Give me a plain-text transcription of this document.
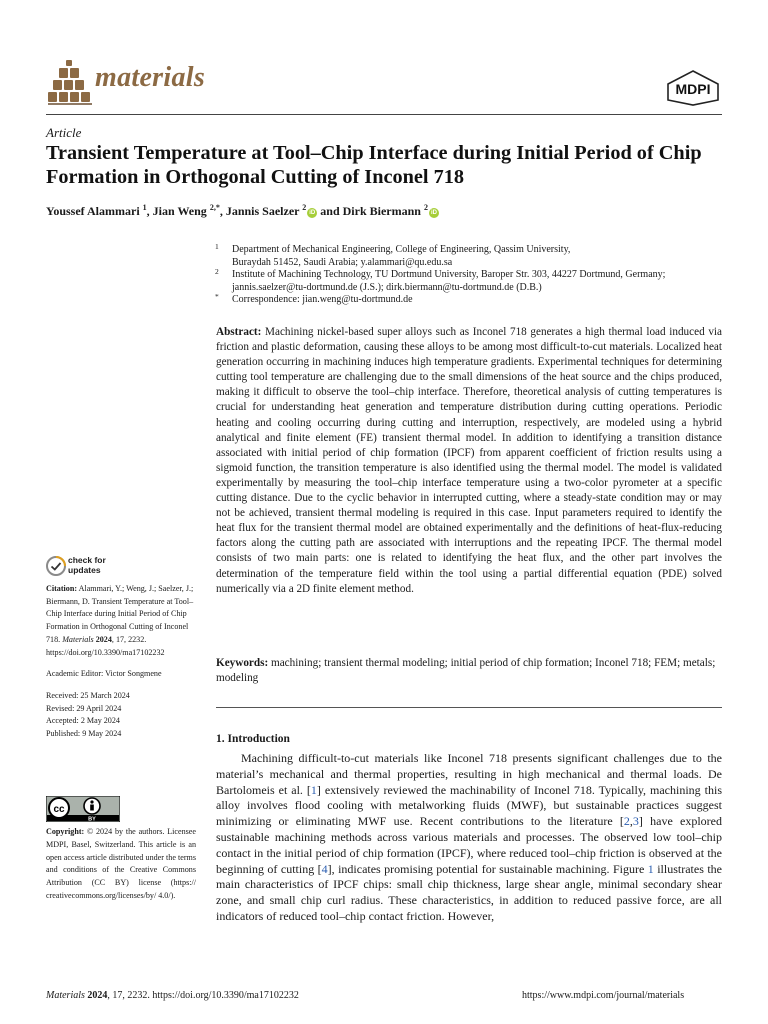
materials	MDPI
Article
Transient Temperature at Tool–Chip Interface during Initial Period of Chip Formation in Orthogonal Cutting of Inconel 718
Youssef Alammari $^1$, Jian Weng $^{2,*}$, Jannis Saelzer $^2$iD and Dirk Biermann $^2$iD
1 Department of Mechanical Engineering, College of Engineering, Qassim University,
Buraydah 51452, Saudi Arabia; y.alammari@qu.edu.sa
2 Institute of Machining Technology, TU Dortmund University, Baroper Str. 303, 44227 Dortmund, Germany;
jannis.saelzer@tu-dortmund.de (J.S.); dirk.biermann@tu-dortmund.de (D.B.)
* Correspondence: jian.weng@tu-dortmund.de
Abstract: Machining nickel-based super alloys such as Inconel 718 generates a high thermal load induced via friction and plastic deformation, causing these alloys to be among most difficult-to-cut materials. Localized heat generation occurring in machining induces high temperature gradients. Experimental techniques for determining cutting tool temperature are challenging due to the small dimensions of the heat source and the chips produced, making it difficult to observe the tool–chip interface. Therefore, theoretical analysis of cutting temperatures is crucial for understanding heat generation and temperature distribution during cutting operations. Periodic heating and cooling occurring during cutting and interruption, respectively, are modeled using a hybrid analytical and finite element (FE) transient thermal model. In addition to identifying a transition distance associated with initial period of chip formation (IPCF) from apparent coefficient of friction results using a sigmoid function, the transition temperature is also identified using the thermal model. The model is validated experimentally by measuring the tool–chip interface temperature using a two-color pyrometer at a specific cutting distance. Due to the cyclic behavior in interrupted cutting, where a steady-state condition may or may not be achieved, transient thermal modeling is required in this case. Input parameters required to identify the heat flux for the transient thermal model are obtained experimentally and the definitions of heat-flux-reducing factors along the cutting path are associated with interruptions and the repeating IPCF. The thermal model consists of two main parts: one is related to identifying the heat flux, and the other part involves the determination of the temperature field within the tool using a partial differential equation (PDE) solved numerically via a 2D finite element method.
Keywords: machining; transient thermal modeling; initial period of chip formation; Inconel 718; FEM; metals; modeling
1. Introduction
Machining difficult-to-cut materials like Inconel 718 presents significant challenges due to the material’s mechanical and thermal properties, resulting in high mechanical and thermal loads. De Bartolomeis et al. [1] extensively reviewed the machinability of Inconel 718. Typically, machining this alloy involves flood cooling with metalworking fluids (MWF), but sustainable practices suggest minimizing or eliminating MWF use. Recent contributions to the literature [2,3] have explored sustainable machining methods across various materials and processes. The observed low tool–chip contact in the initial period of chip formation (IPCF), where reduced tool–chip friction is observed at the beginning of cutting [4], indicates promising potential for sustainable machining. Figure 1 illustrates the main characteristics of IPCF chips: small chip thickness, large shear angle, minimal secondary shear zone, and small chip curl radius. These characteristics, in addition to reduced passive force, are all indicators of reduced tool–chip contact friction. However,
check for
updates
Citation: Alammari, Y.; Weng, J.; Saelzer, J.; Biermann, D. Transient Temperature at Tool–Chip Interface during Initial Period of Chip Formation in Orthogonal Cutting of Inconel 718. Materials 2024, 17, 2232. https://doi.org/10.3390/ma17102232
Academic Editor: Victor Songmene
Received: 25 March 2024
Revised: 29 April 2024
Accepted: 2 May 2024
Published: 9 May 2024
cc
BY
Copyright: © 2024 by the authors. Licensee MDPI, Basel, Switzerland. This article is an open access article distributed under the terms and conditions of the Creative Commons Attribution (CC BY) license (https:// creativecommons.org/licenses/by/ 4.0/).
Materials 2024, 17, 2232. https://doi.org/10.3390/ma17102232	https://www.mdpi.com/journal/materials
